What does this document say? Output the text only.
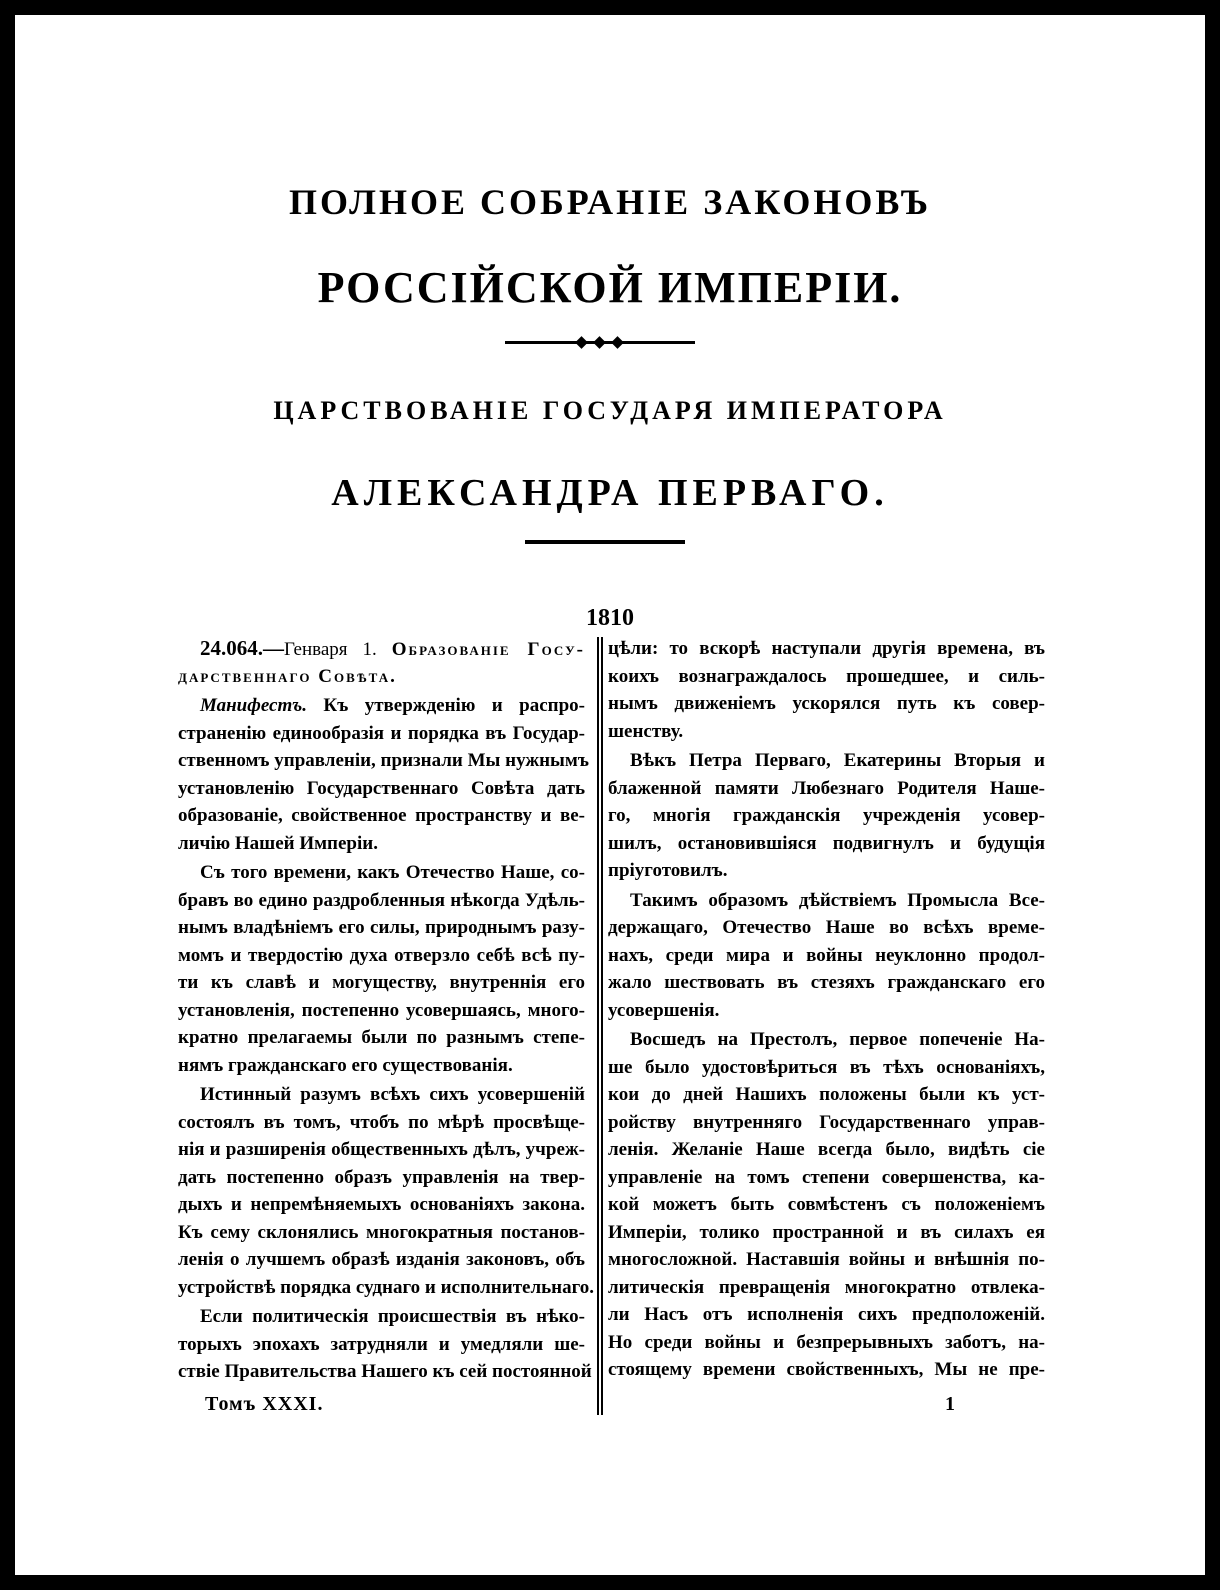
ПОЛНОЕ СОБРАНІЕ ЗАКОНОВЪ
РОССІЙСКОЙ ИМПЕРІИ.
ЦАРСТВОВАНІЕ ГОСУДАРЯ ИМПЕРАТОРА
АЛЕКСАНДРА ПЕРВАГО.
1810
24.064.—Генваря 1. Образованіе Госу-
дарственнаго Совѣта.
Манифестъ. Къ утвержденію и распро-
страненію единообразія и порядка въ Государ-
ственномъ управленіи, признали Мы нужнымъ
установленію Государственнаго Совѣта дать
образованіе, свойственное пространству и ве-
личію Нашей Имперіи.
Съ того времени, какъ Отечество Наше, со-
бравъ во едино раздробленныя нѣкогда Удѣль-
нымъ владѣніемъ его силы, природнымъ разу-
момъ и твердостію духа отверзло себѣ всѣ пу-
ти къ славѣ и могуществу, внутреннія его
установленія, постепенно усовершаясь, много-
кратно прелагаемы были по разнымъ степе-
нямъ гражданскаго его существованія.
Истинный разумъ всѣхъ сихъ усовершеній
состоялъ въ томъ, чтобъ по мѣрѣ просвѣще-
нія и разширенія общественныхъ дѣлъ, учреж-
дать постепенно образъ управленія на твер-
дыхъ и непремѣняемыхъ основаніяхъ закона.
Къ сему склонялись многократныя постанов-
ленія о лучшемъ образѣ изданія законовъ, объ
устройствѣ порядка суднаго и исполнительнаго.
Если политическія происшествія въ нѣко-
торыхъ эпохахъ затрудняли и умедляли ше-
ствіе Правительства Нашего къ сей постоянной
цѣли: то вскорѣ наступали другія времена, въ
коихъ вознаграждалось прошедшее, и силь-
нымъ движеніемъ ускорялся путь къ совер-
шенству.
Вѣкъ Петра Перваго, Екатерины Вторыя и
блаженной памяти Любезнаго Родителя Наше-
го, многія гражданскія учрежденія усовер-
шилъ, остановившіяся подвигнулъ и будущія
пріуготовилъ.
Такимъ образомъ дѣйствіемъ Промысла Все-
держащаго, Отечество Наше во всѣхъ време-
нахъ, среди мира и войны неуклонно продол-
жало шествовать въ стезяхъ гражданскаго его
усовершенія.
Восшедъ на Престолъ, первое попеченіе На-
ше было удостовѣриться въ тѣхъ основаніяхъ,
кои до дней Нашихъ положены были къ уст-
ройству внутренняго Государственнаго управ-
ленія. Желаніе Наше всегда было, видѣть сіе
управленіе на томъ степени совершенства, ка-
кой можетъ быть совмѣстенъ съ положеніемъ
Имперіи, толико пространной и въ силахъ ея
многосложной. Наставшія войны и внѣшнія по-
литическія превращенія многократно отвлека-
ли Насъ отъ исполненія сихъ предположеній.
Но среди войны и безпрерывныхъ заботъ, на-
стоящему времени свойственныхъ, Мы не пре-
Томъ XXXI.	1
